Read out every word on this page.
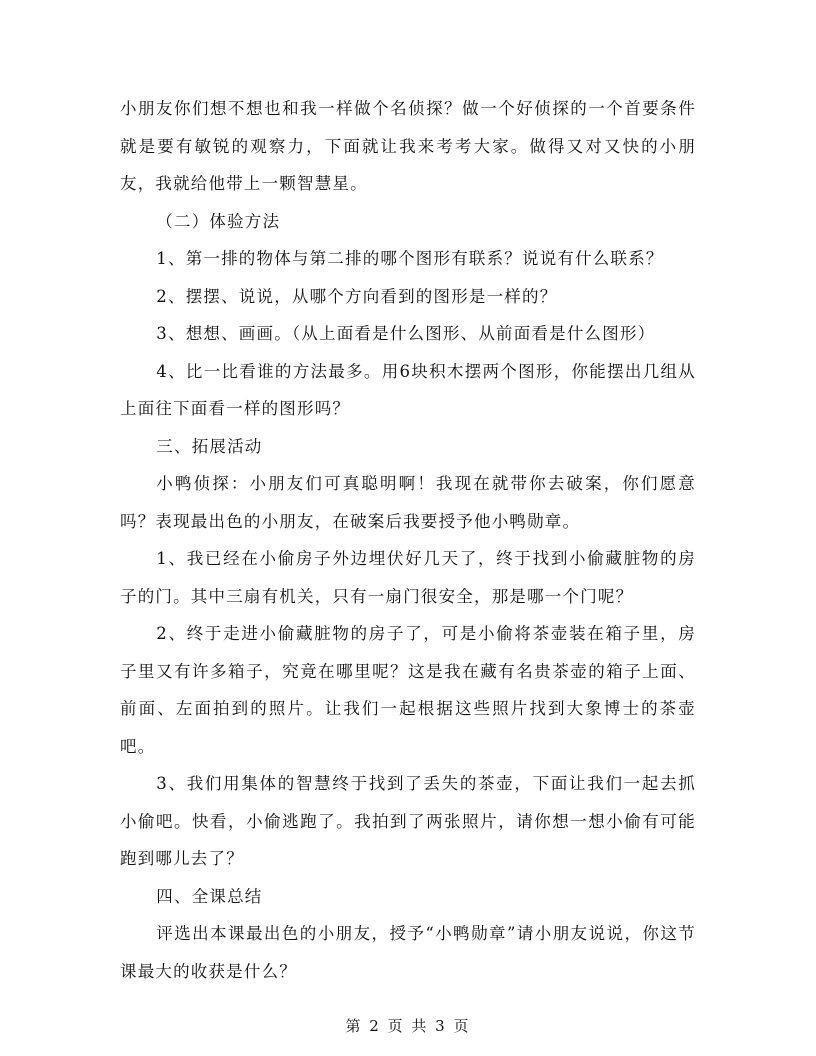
小朋友你们想不想也和我一样做个名侦探？做一个好侦探的一个首要条件就是要有敏锐的观察力，下面就让我来考考大家。做得又对又快的小朋友，我就给他带上一颗智慧星。

（二）体验方法

1、第一排的物体与第二排的哪个图形有联系？说说有什么联系？

2、摆摆、说说，从哪个方向看到的图形是一样的？

3、想想、画画。（从上面看是什么图形、从前面看是什么图形）

4、比一比看谁的方法最多。用6块积木摆两个图形，你能摆出几组从上面往下面看一样的图形吗？

三、拓展活动

小鸭侦探：小朋友们可真聪明啊！我现在就带你去破案，你们愿意吗？表现最出色的小朋友，在破案后我要授予他小鸭勋章。

1、我已经在小偷房子外边埋伏好几天了，终于找到小偷藏脏物的房子的门。其中三扇有机关，只有一扇门很安全，那是哪一个门呢？

2、终于走进小偷藏脏物的房子了，可是小偷将茶壶装在箱子里，房子里又有许多箱子，究竟在哪里呢？这是我在藏有名贵茶壶的箱子上面、前面、左面拍到的照片。让我们一起根据这些照片找到大象博士的茶壶吧。

3、我们用集体的智慧终于找到了丢失的茶壶，下面让我们一起去抓小偷吧。快看，小偷逃跑了。我拍到了两张照片，请你想一想小偷有可能跑到哪儿去了？

四、全课总结

评选出本课最出色的小朋友，授予“小鸭勋章”请小朋友说说，你这节课最大的收获是什么？

第 2 页 共 3 页
